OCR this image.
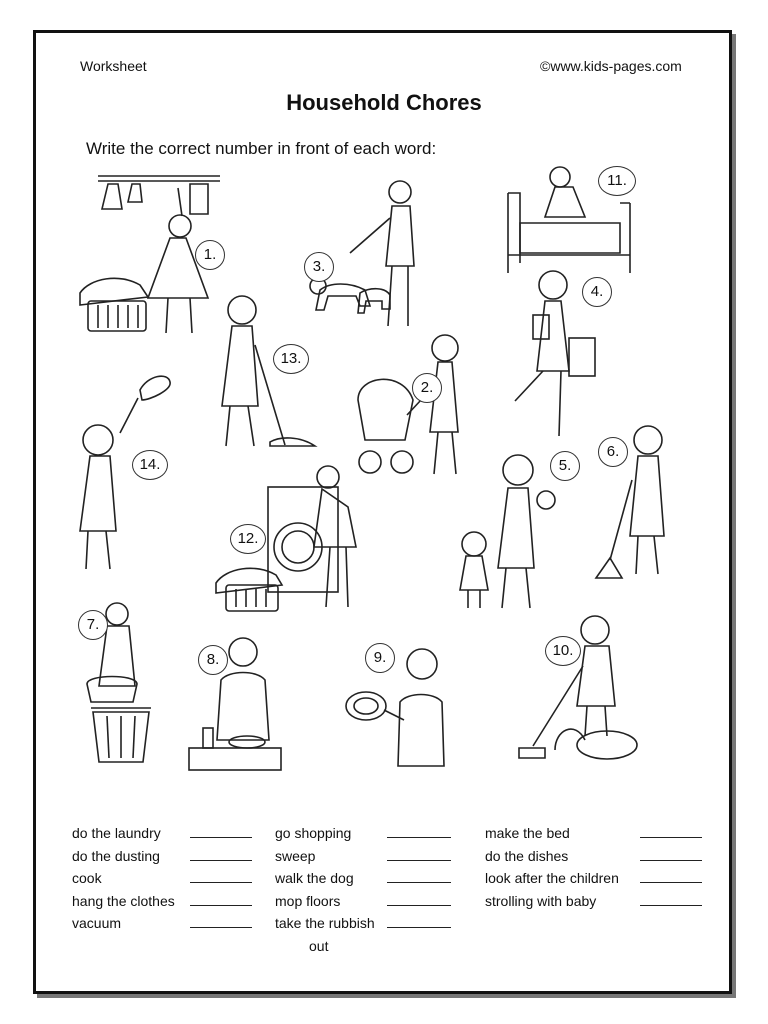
Worksheet	©www.kids-pages.com
Household Chores
Write the correct number in front of each word:
1.
3.
11.
4.
13.
2.
14.	5.
6.
12.
7.
8.	9.	10.
do the laundry
do the dusting
cook
hang the clothes
vacuum
go shopping
sweep
walk the dog
mop floors
take the rubbish
out
make the bed
do the dishes
look after the children
strolling with baby
